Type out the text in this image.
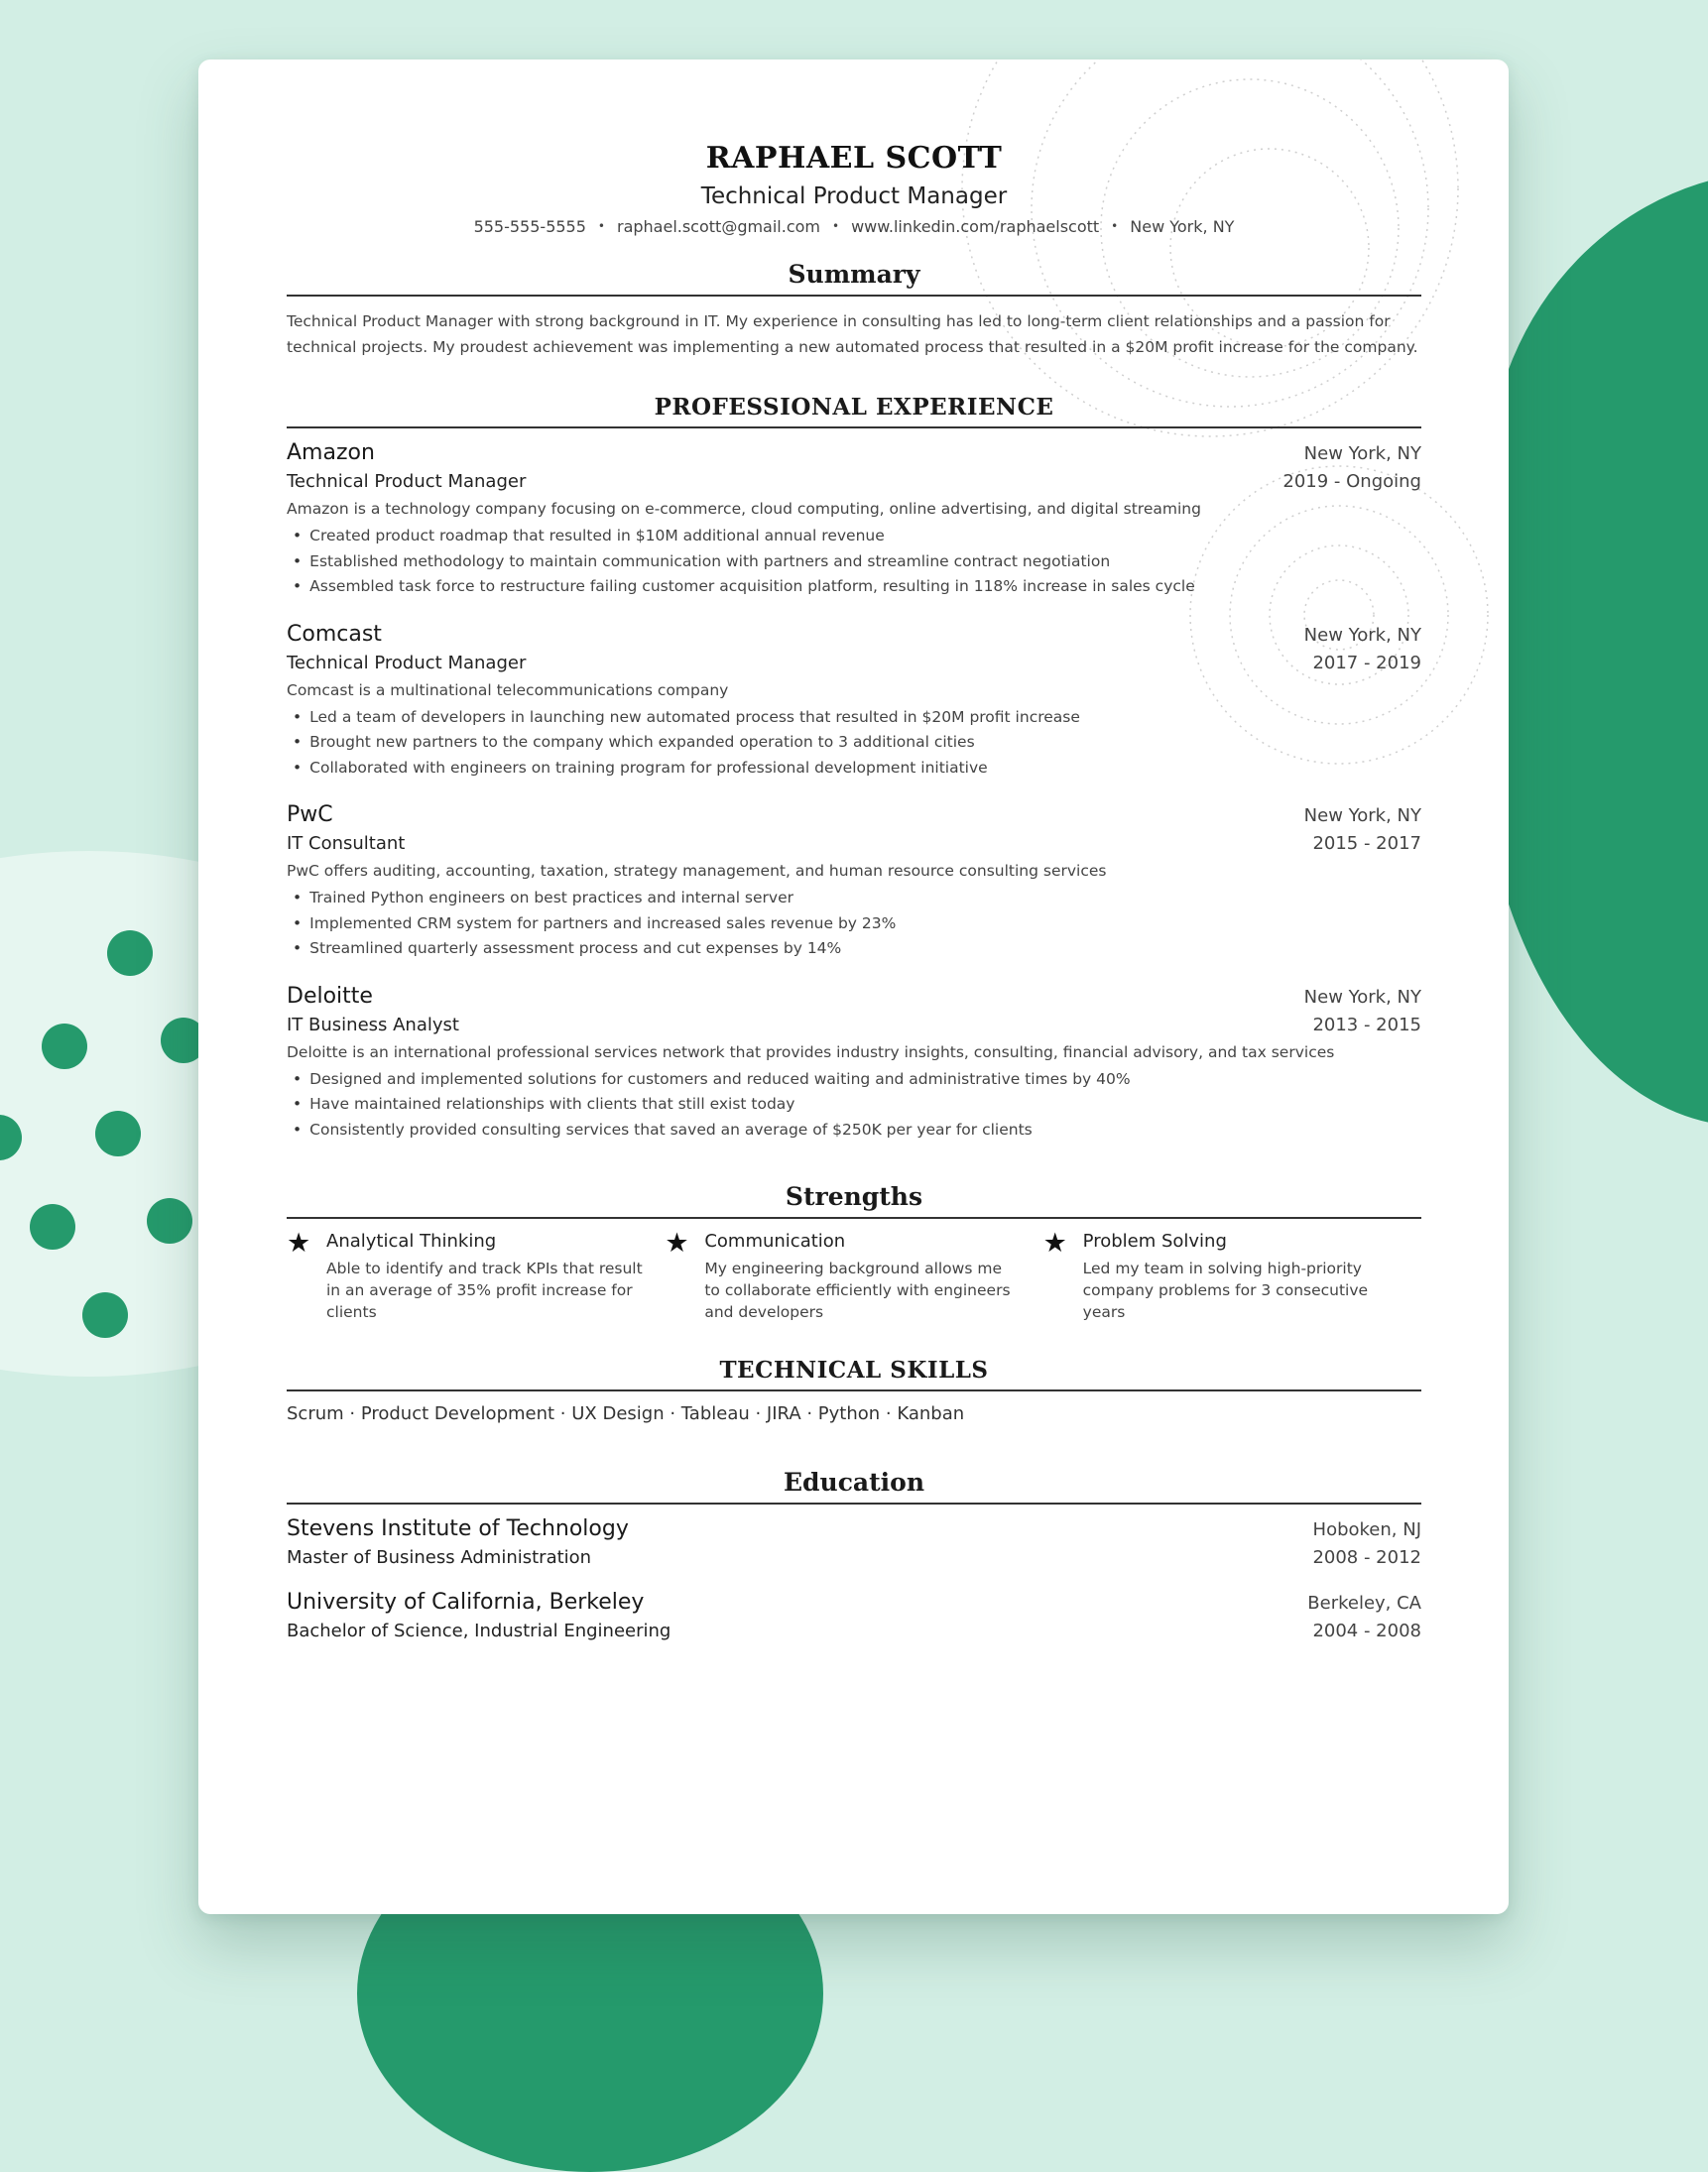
RAPHAEL SCOTT
Technical Product Manager
555-555-5555 • raphael.scott@gmail.com • www.linkedin.com/raphaelscott • New York, NY
Summary
Technical Product Manager with strong background in IT. My experience in consulting has led to long-term client relationships and a passion for technical projects. My proudest achievement was implementing a new automated process that resulted in a $20M profit increase for the company.
PROFESSIONAL EXPERIENCE
Amazon	New York, NY
Technical Product Manager	2019 - Ongoing
Amazon is a technology company focusing on e-commerce, cloud computing, online advertising, and digital streaming
• Created product roadmap that resulted in $10M additional annual revenue
• Established methodology to maintain communication with partners and streamline contract negotiation
• Assembled task force to restructure failing customer acquisition platform, resulting in 118% increase in sales cycle
Comcast	New York, NY
Technical Product Manager	2017 - 2019
Comcast is a multinational telecommunications company
• Led a team of developers in launching new automated process that resulted in $20M profit increase
• Brought new partners to the company which expanded operation to 3 additional cities
• Collaborated with engineers on training program for professional development initiative
PwC	New York, NY
IT Consultant	2015 - 2017
PwC offers auditing, accounting, taxation, strategy management, and human resource consulting services
• Trained Python engineers on best practices and internal server
• Implemented CRM system for partners and increased sales revenue by 23%
• Streamlined quarterly assessment process and cut expenses by 14%
Deloitte	New York, NY
IT Business Analyst	2013 - 2015
Deloitte is an international professional services network that provides industry insights, consulting, financial advisory, and tax services
• Designed and implemented solutions for customers and reduced waiting and administrative times by 40%
• Have maintained relationships with clients that still exist today
• Consistently provided consulting services that saved an average of $250K per year for clients
Strengths
★ Analytical Thinking
Able to identify and track KPIs that result in an average of 35% profit increase for clients
★ Communication
My engineering background allows me to collaborate efficiently with engineers and developers
★ Problem Solving
Led my team in solving high-priority company problems for 3 consecutive years
TECHNICAL SKILLS
Scrum · Product Development · UX Design · Tableau · JIRA · Python · Kanban
Education
Stevens Institute of Technology	Hoboken, NJ
Master of Business Administration	2008 - 2012
University of California, Berkeley	Berkeley, CA
Bachelor of Science, Industrial Engineering	2004 - 2008
